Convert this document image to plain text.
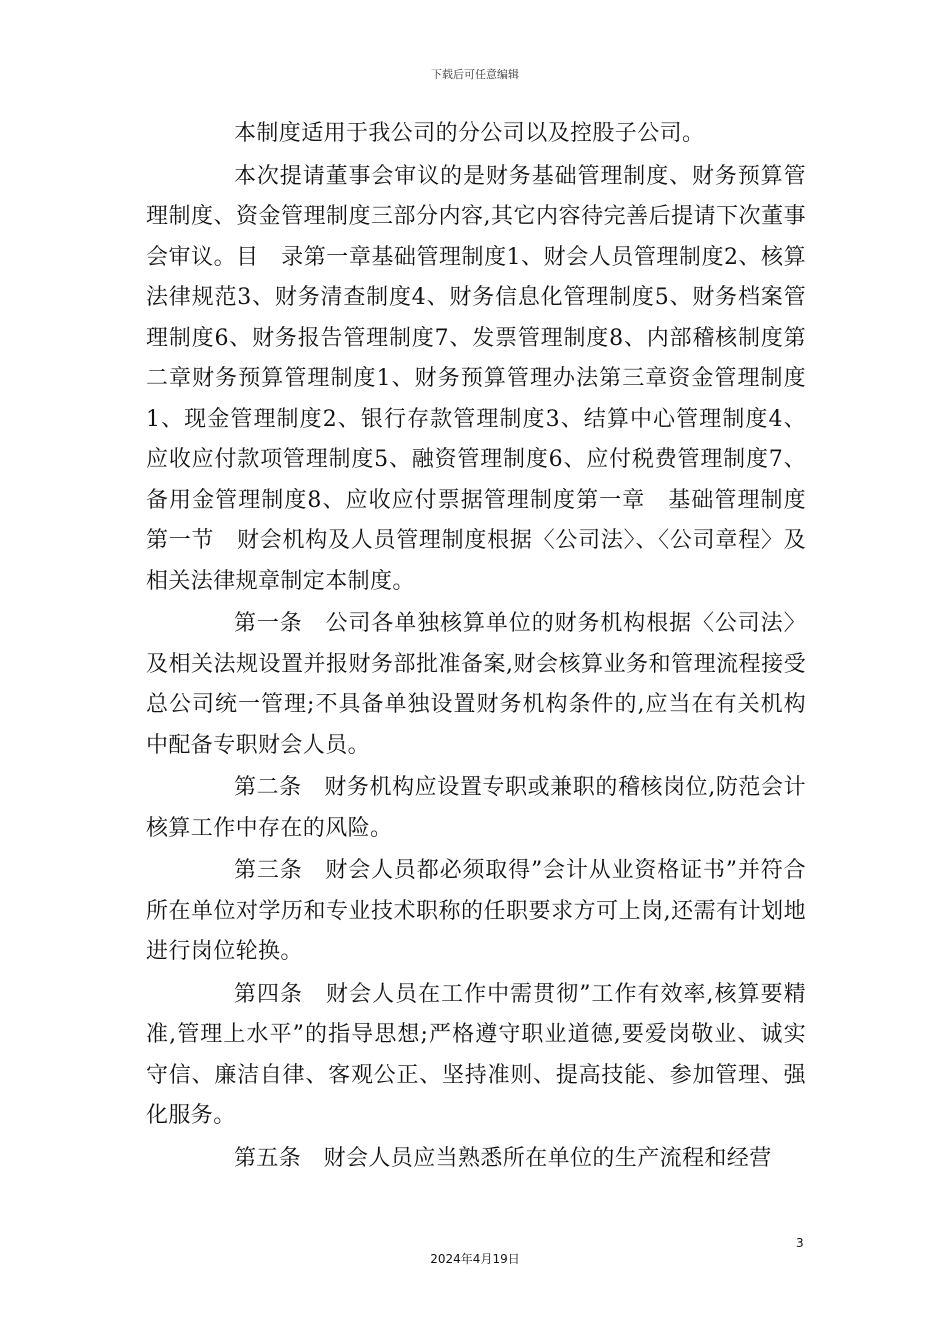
下载后可任意编辑

本制度适用于我公司的分公司以及控股子公司。

本次提请董事会审议的是财务基础管理制度、财务预算管理制度、资金管理制度三部分内容,其它内容待完善后提请下次董事会审议。目　录第一章基础管理制度1、财会人员管理制度2、核算法律规范3、财务清查制度4、财务信息化管理制度5、财务档案管理制度6、财务报告管理制度7、发票管理制度8、内部稽核制度第二章财务预算管理制度1、财务预算管理办法第三章资金管理制度1、现金管理制度2、银行存款管理制度3、结算中心管理制度4、应收应付款项管理制度5、融资管理制度6、应付税费管理制度7、备用金管理制度8、应收应付票据管理制度第一章　基础管理制度第一节　财会机构及人员管理制度根据〈公司法〉、〈公司章程〉及相关法律规章制定本制度。

第一条　公司各单独核算单位的财务机构根据〈公司法〉及相关法规设置并报财务部批准备案,财会核算业务和管理流程接受总公司统一管理;不具备单独设置财务机构条件的,应当在有关机构中配备专职财会人员。

第二条　财务机构应设置专职或兼职的稽核岗位,防范会计核算工作中存在的风险。

第三条　财会人员都必须取得”会计从业资格证书”并符合所在单位对学历和专业技术职称的任职要求方可上岗,还需有计划地进行岗位轮换。

第四条　财会人员在工作中需贯彻”工作有效率,核算要精准,管理上水平”的指导思想;严格遵守职业道德,要爱岗敬业、诚实守信、廉洁自律、客观公正、坚持准则、提高技能、参加管理、强化服务。

第五条　财会人员应当熟悉所在单位的生产流程和经营

3
2024年4月19日
